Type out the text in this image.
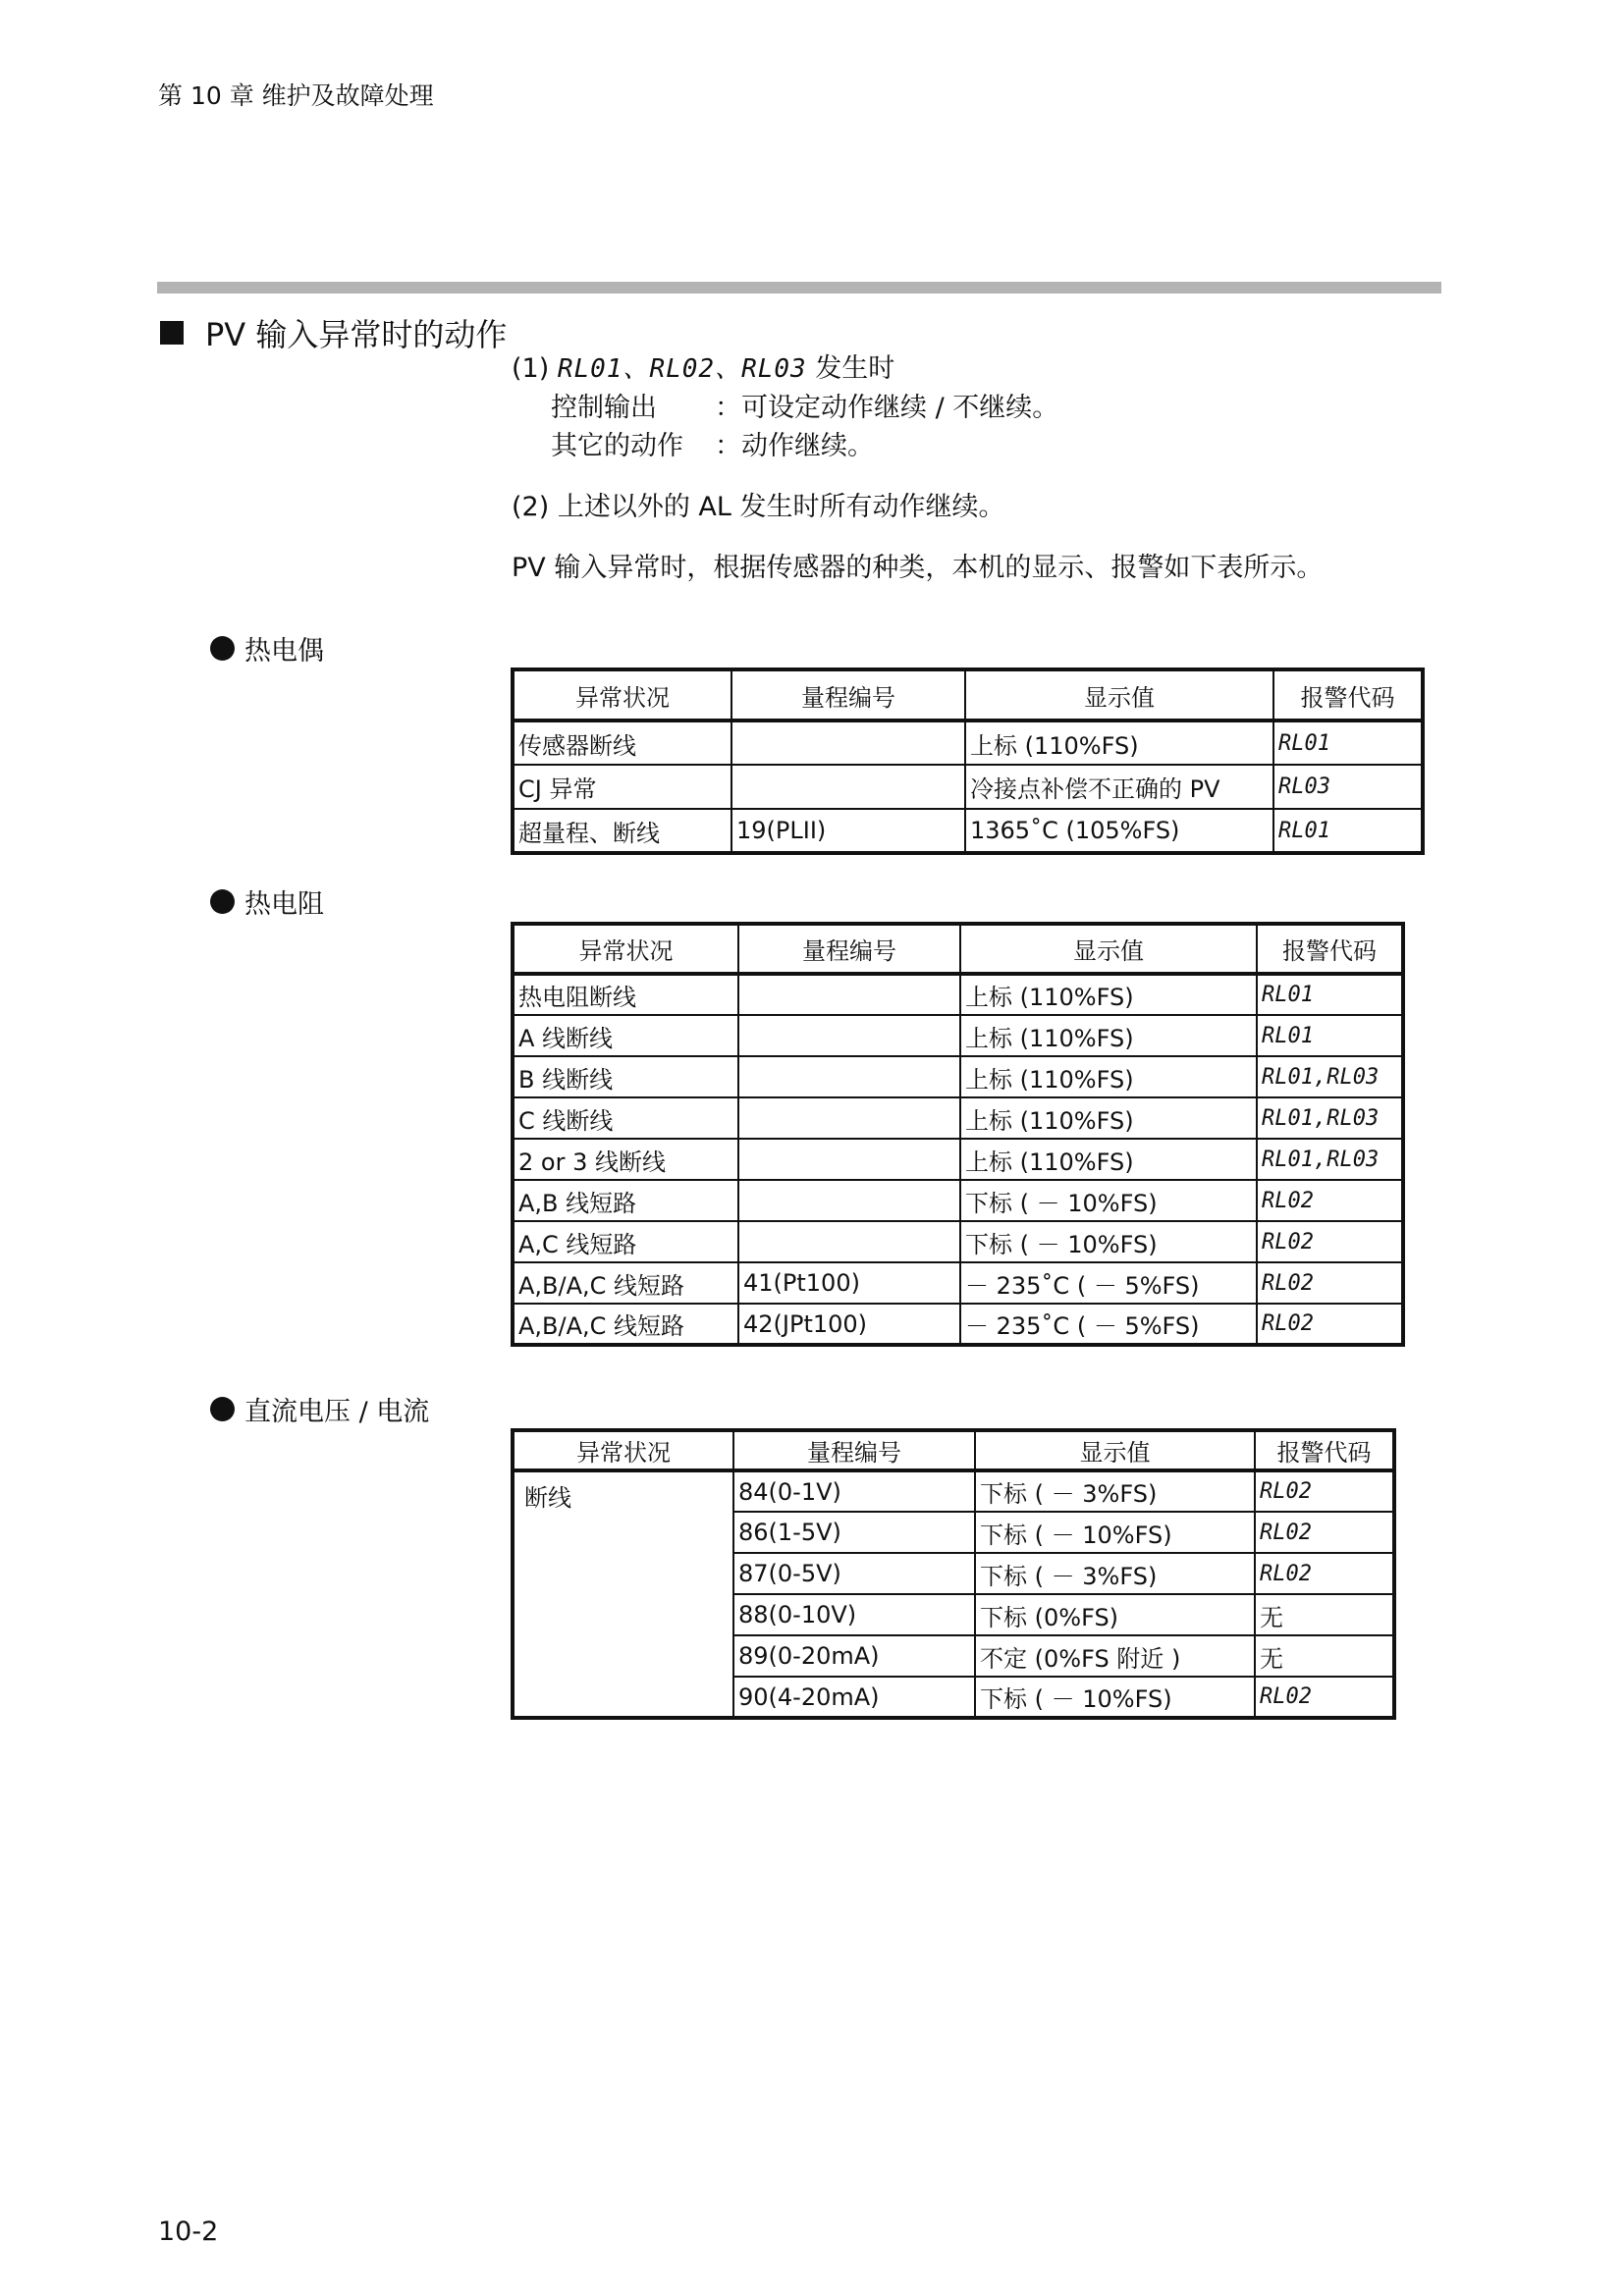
第 10 章 维护及故障处理
PV 输入异常时的动作

(1) RL01、RL02、RL03 发生时

控制输出 ：可设定动作继续 / 不继续。

其它的动作 ：动作继续。

(2) 上述以外的 AL 发生时所有动作继续。

PV 输入异常时，根据传感器的种类，本机的显示、报警如下表所示。

热电偶
异常状况	量程编号	显示值	报警代码
传感器断线		上标 (110%FS)	RL01
CJ 异常		冷接点补偿不正确的 PV	RL03
超量程、断线	19(PLII)	1365˚C (105%FS)	RL01
热电阻
异常状况	量程编号	显示值	报警代码
热电阻断线		上标 (110%FS)	RL01
A 线断线		上标 (110%FS)	RL01
B 线断线		上标 (110%FS)	RL01,RL03
C 线断线		上标 (110%FS)	RL01,RL03
2 or 3 线断线		上标 (110%FS)	RL01,RL03
A,B 线短路		下标 ( － 10%FS)	RL02
A,C 线短路		下标 ( － 10%FS)	RL02
A,B/A,C 线短路	41(Pt100)	－ 235˚C ( － 5%FS)	RL02
A,B/A,C 线短路	42(JPt100)	－ 235˚C ( － 5%FS)	RL02
直流电压 / 电流
异常状况	量程编号	显示值	报警代码
断线	84(0-1V)	下标 ( － 3%FS)	RL02
	86(1-5V)	下标 ( － 10%FS)	RL02
	87(0-5V)	下标 ( － 3%FS)	RL02
	88(0-10V)	下标 (0%FS)	无
	89(0-20mA)	不定 (0%FS 附近 )	无
	90(4-20mA)	下标 ( － 10%FS)	RL02
10-2
